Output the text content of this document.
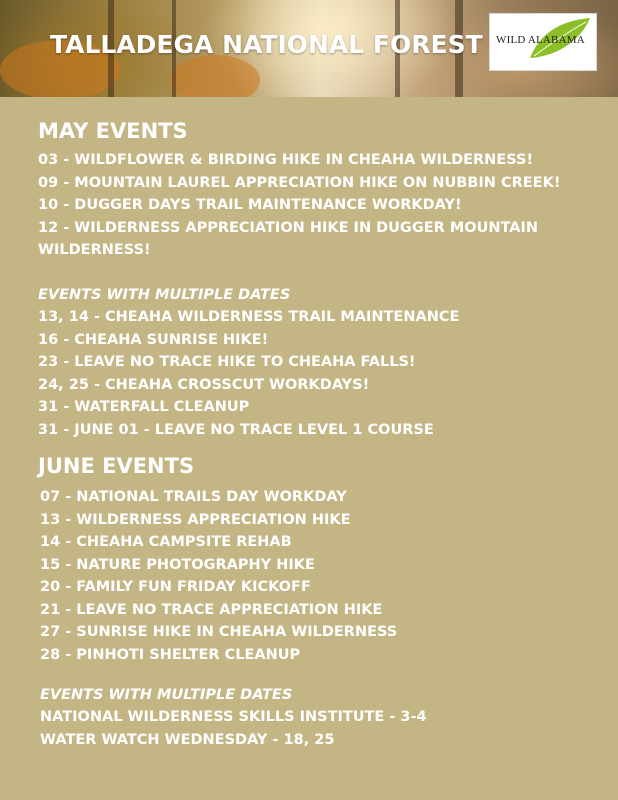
TALLADEGA NATIONAL FOREST WILD ALABAMA
MAY EVENTS
03 - WILDFLOWER & BIRDING HIKE IN CHEAHA WILDERNESS!
09 - MOUNTAIN LAUREL APPRECIATION HIKE ON NUBBIN CREEK!
10 - DUGGER DAYS TRAIL MAINTENANCE WORKDAY!
12 - WILDERNESS APPRECIATION HIKE IN DUGGER MOUNTAIN
WILDERNESS!
EVENTS WITH MULTIPLE DATES
13, 14 - CHEAHA WILDERNESS TRAIL MAINTENANCE
16 - CHEAHA SUNRISE HIKE!
23 - LEAVE NO TRACE HIKE TO CHEAHA FALLS!
24, 25 - CHEAHA CROSSCUT WORKDAYS!
31 - WATERFALL CLEANUP
31 - JUNE 01 - LEAVE NO TRACE LEVEL 1 COURSE
JUNE EVENTS
07 - NATIONAL TRAILS DAY WORKDAY
13 - WILDERNESS APPRECIATION HIKE
14 - CHEAHA CAMPSITE REHAB
15 - NATURE PHOTOGRAPHY HIKE
20 - FAMILY FUN FRIDAY KICKOFF
21 - LEAVE NO TRACE APPRECIATION HIKE
27 - SUNRISE HIKE IN CHEAHA WILDERNESS
28 - PINHOTI SHELTER CLEANUP
EVENTS WITH MULTIPLE DATES
NATIONAL WILDERNESS SKILLS INSTITUTE - 3-4
WATER WATCH WEDNESDAY - 18, 25
